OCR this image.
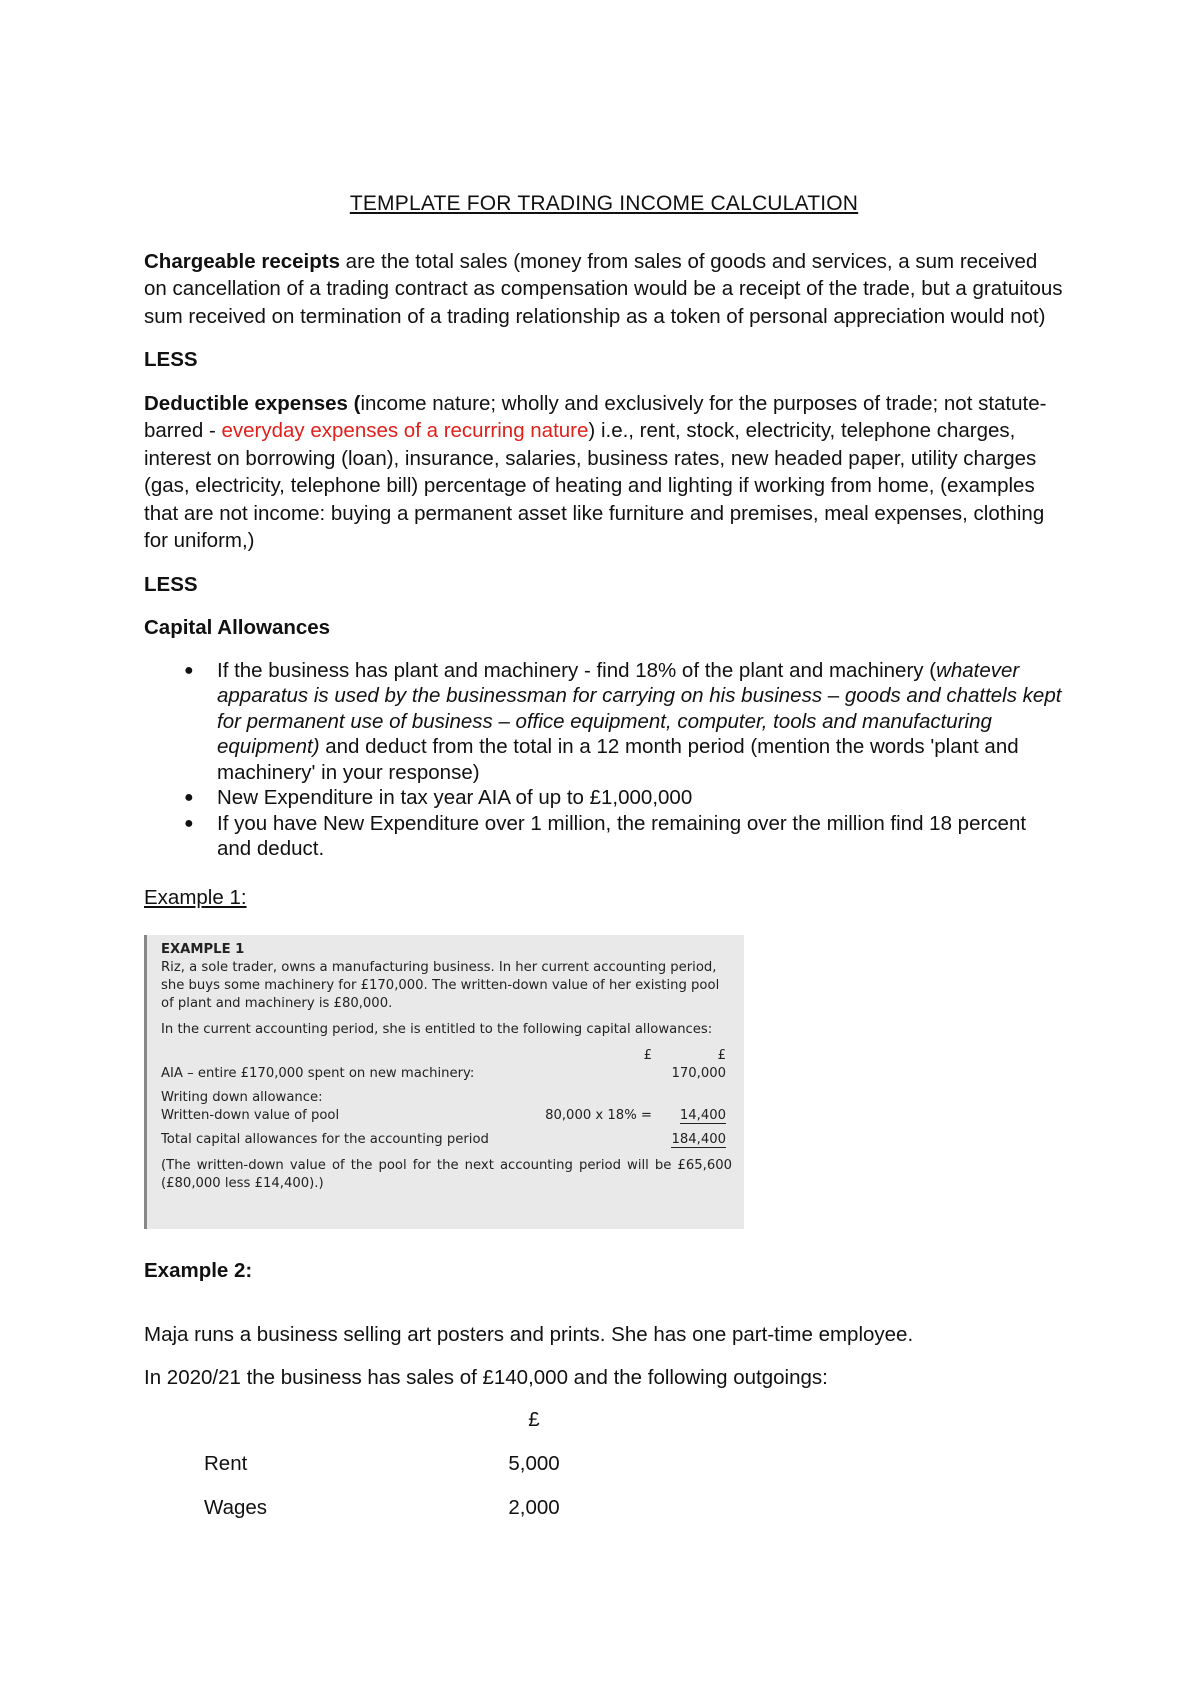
TEMPLATE FOR TRADING INCOME CALCULATION

Chargeable receipts are the total sales (money from sales of goods and services, a sum received on cancellation of a trading contract as compensation would be a receipt of the trade, but a gratuitous sum received on termination of a trading relationship as a token of personal appreciation would not)

LESS

Deductible expenses (income nature; wholly and exclusively for the purposes of trade; not statute-barred - everyday expenses of a recurring nature) i.e., rent, stock, electricity, telephone charges, interest on borrowing (loan), insurance, salaries, business rates, new headed paper, utility charges (gas, electricity, telephone bill) percentage of heating and lighting if working from home, (examples that are not income: buying a permanent asset like furniture and premises, meal expenses, clothing for uniform,)

LESS

Capital Allowances

● If the business has plant and machinery - find 18% of the plant and machinery (whatever apparatus is used by the businessman for carrying on his business – goods and chattels kept for permanent use of business – office equipment, computer, tools and manufacturing equipment) and deduct from the total in a 12 month period (mention the words 'plant and machinery' in your response)
● New Expenditure in tax year AIA of up to £1,000,000
● If you have New Expenditure over 1 million, the remaining over the million find 18 percent and deduct.

Example 1:

EXAMPLE 1
Riz, a sole trader, owns a manufacturing business. In her current accounting period, she buys some machinery for £170,000. The written-down value of her existing pool of plant and machinery is £80,000.
In the current accounting period, she is entitled to the following capital allowances:
	£	£
AIA – entire £170,000 spent on new machinery:		170,000

Writing down allowance:		
Written-down value of pool	80,000 x 18% =	14,400

Total capital allowances for the accounting period		184,400
(The written-down value of the pool for the next accounting period will be £65,600 (£80,000 less £14,400).)

Example 2:

Maja runs a business selling art posters and prints. She has one part-time employee.

In 2020/21 the business has sales of £140,000 and the following outgoings:

	£
Rent	5,000
Wages	2,000
